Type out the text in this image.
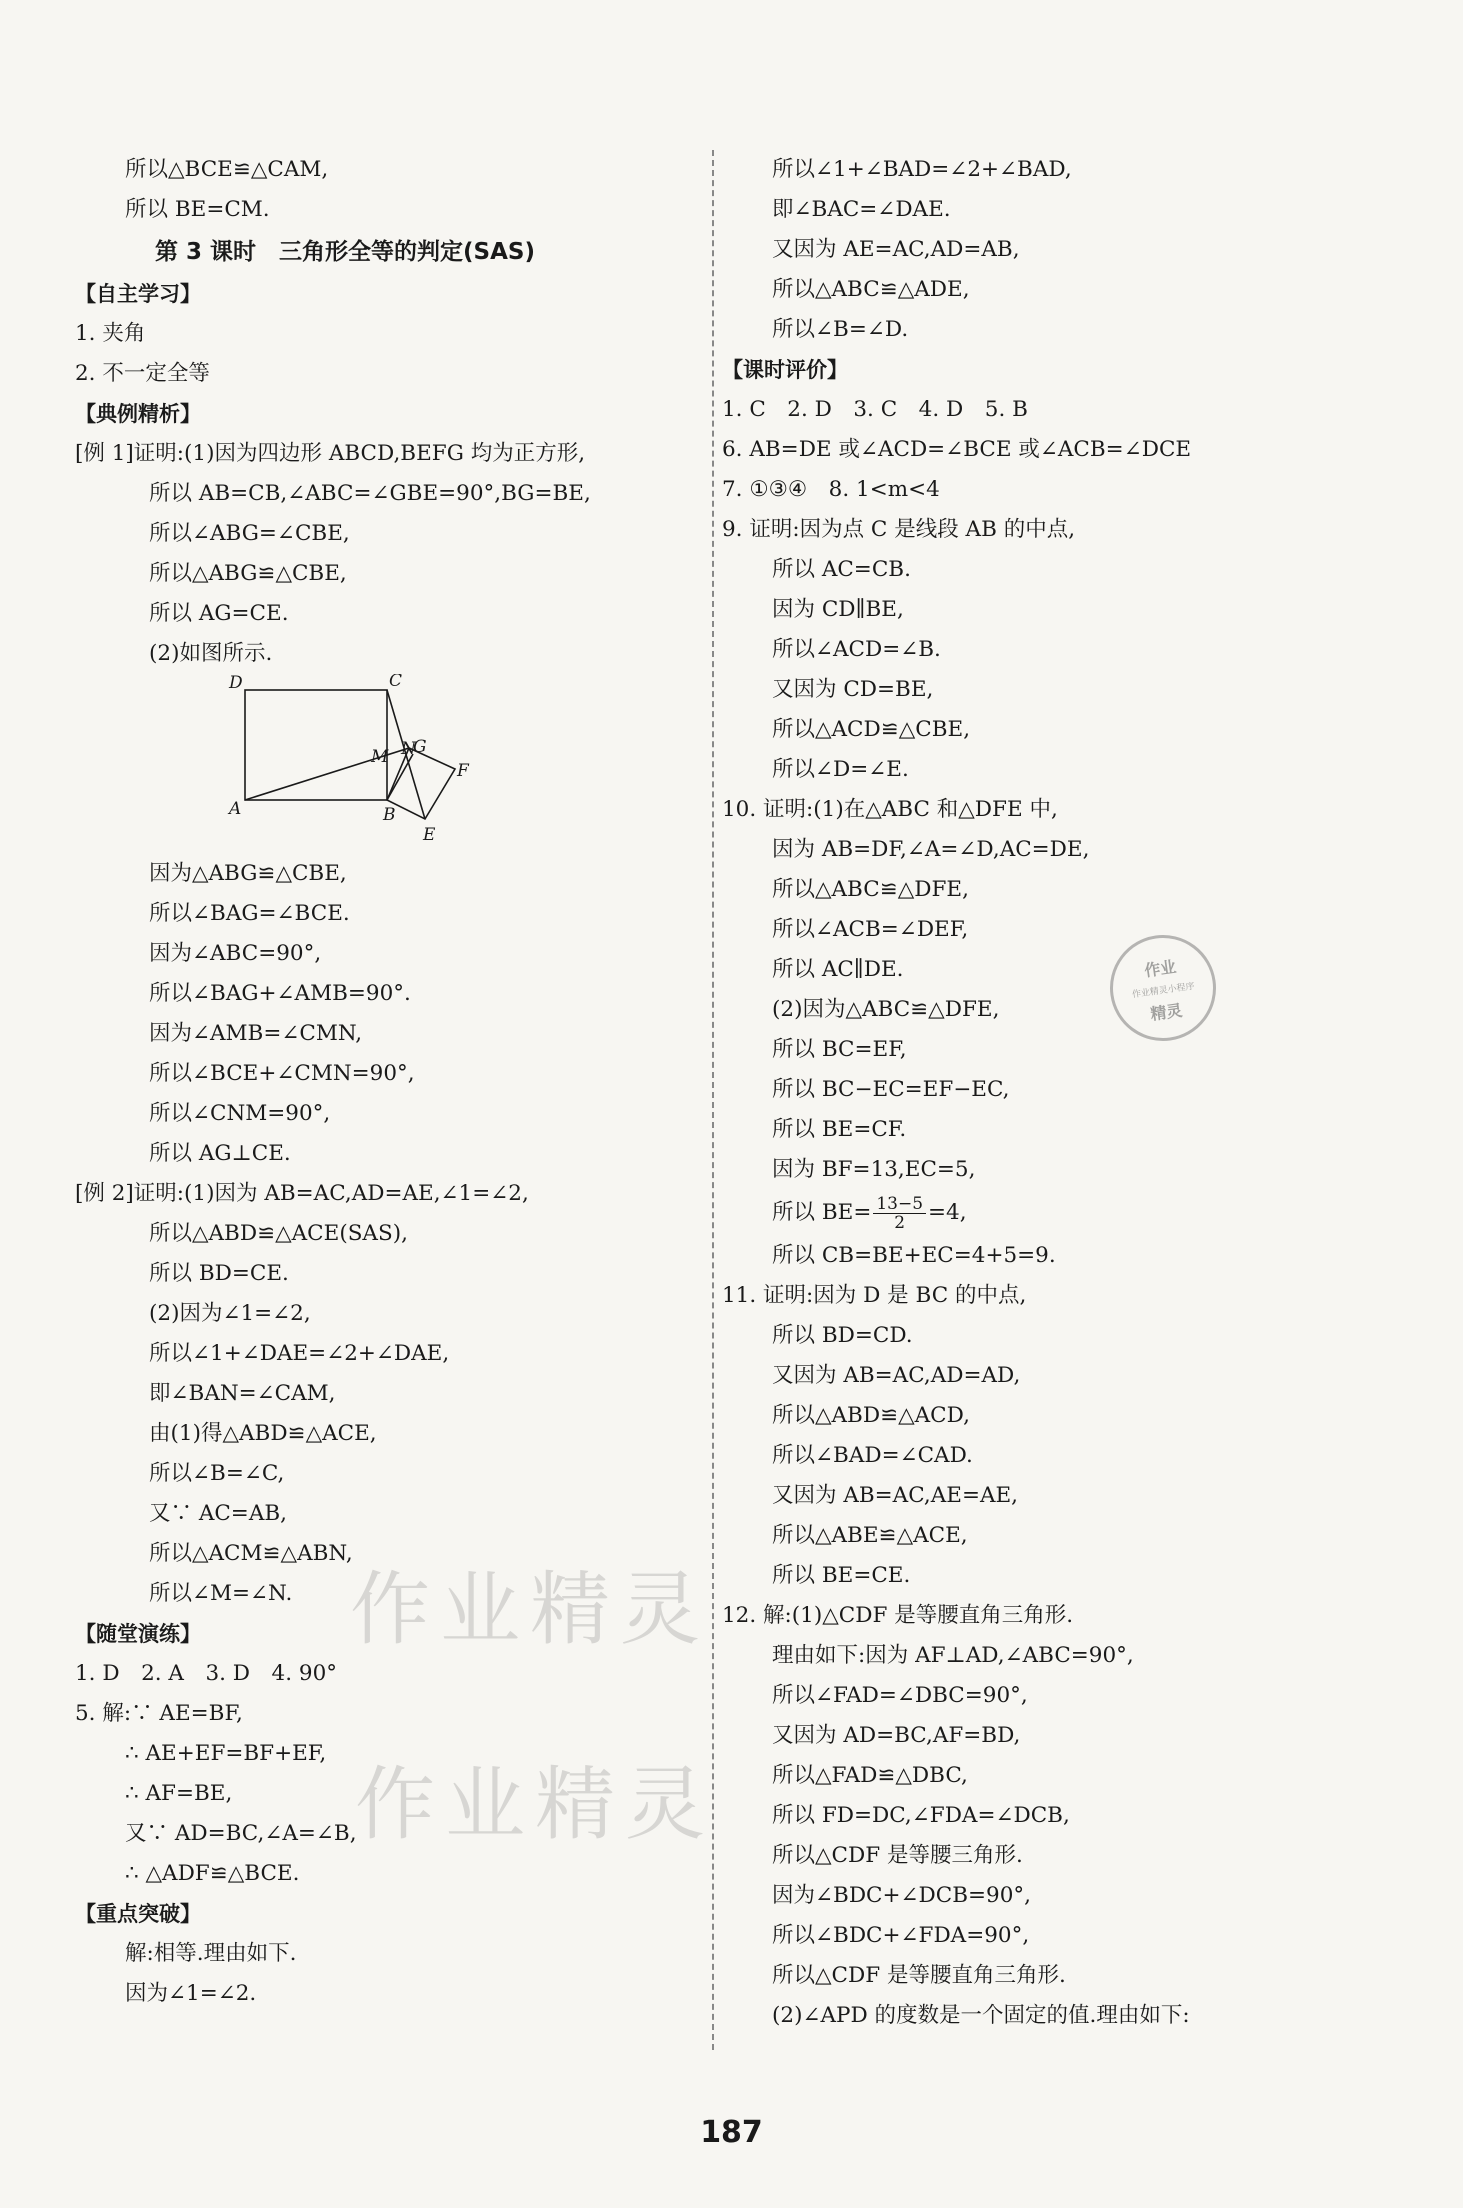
所以△BCE≌△CAM,
所以 BE=CM.
第 3 课时　三角形全等的判定(SAS)
【自主学习】
1. 夹角
2. 不一定全等
【典例精析】
[例 1]证明:(1)因为四边形 ABCD,BEFG 均为正方形,
所以 AB=CB,∠ABC=∠GBE=90°,BG=BE,
所以∠ABG=∠CBE,
所以△ABG≌△CBE,
所以 AG=CE.
(2)如图所示.
D	C
M N
G
F
A	B
E
因为△ABG≌△CBE,
所以∠BAG=∠BCE.
因为∠ABC=90°,
所以∠BAG+∠AMB=90°.
因为∠AMB=∠CMN,
所以∠BCE+∠CMN=90°,
所以∠CNM=90°,
所以 AG⊥CE.
[例 2]证明:(1)因为 AB=AC,AD=AE,∠1=∠2,
所以△ABD≌△ACE(SAS),
所以 BD=CE.
(2)因为∠1=∠2,
所以∠1+∠DAE=∠2+∠DAE,
即∠BAN=∠CAM,
由(1)得△ABD≌△ACE,
所以∠B=∠C,
又∵ AC=AB,
所以△ACM≌△ABN,
所以∠M=∠N.
【随堂演练】
1. D　2. A　3. D　4. 90°
5. 解:∵ AE=BF,
∴ AE+EF=BF+EF,
∴ AF=BE,
又∵ AD=BC,∠A=∠B,
∴ △ADF≌△BCE.
【重点突破】
解:相等.理由如下.
因为∠1=∠2.
所以∠1+∠BAD=∠2+∠BAD,
即∠BAC=∠DAE.
又因为 AE=AC,AD=AB,
所以△ABC≌△ADE,
所以∠B=∠D.
【课时评价】
1. C　2. D　3. C　4. D　5. B
6. AB=DE 或∠ACD=∠BCE 或∠ACB=∠DCE
7. ①③④　8. 1<m<4
9. 证明:因为点 C 是线段 AB 的中点,
所以 AC=CB.
因为 CD∥BE,
所以∠ACD=∠B.
又因为 CD=BE,
所以△ACD≌△CBE,
所以∠D=∠E.
10. 证明:(1)在△ABC 和△DFE 中,
因为 AB=DF,∠A=∠D,AC=DE,
所以△ABC≌△DFE,
所以∠ACB=∠DEF,
所以 AC∥DE.
(2)因为△ABC≌△DFE,
所以 BC=EF,
所以 BC−EC=EF−EC,
所以 BE=CF.
因为 BF=13,EC=5,
所以 $BE= \frac{13-5}{2} =4$,
所以 CB=BE+EC=4+5=9.
11. 证明:因为 D 是 BC 的中点,
所以 BD=CD.
又因为 AB=AC,AD=AD,
所以△ABD≌△ACD,
所以∠BAD=∠CAD.
又因为 AB=AC,AE=AE,
所以△ABE≌△ACE,
所以 BE=CE.
12. 解:(1)△CDF 是等腰直角三角形.
理由如下:因为 AF⊥AD,∠ABC=90°,
所以∠FAD=∠DBC=90°,
又因为 AD=BC,AF=BD,
所以△FAD≌△DBC,
所以 FD=DC,∠FDA=∠DCB,
所以△CDF 是等腰三角形.
因为∠BDC+∠DCB=90°,
所以∠BDC+∠FDA=90°,
所以△CDF 是等腰直角三角形.
(2)∠APD 的度数是一个固定的值.理由如下:
作业精灵
作业精灵
作业
作业精灵小程序
精灵
187
